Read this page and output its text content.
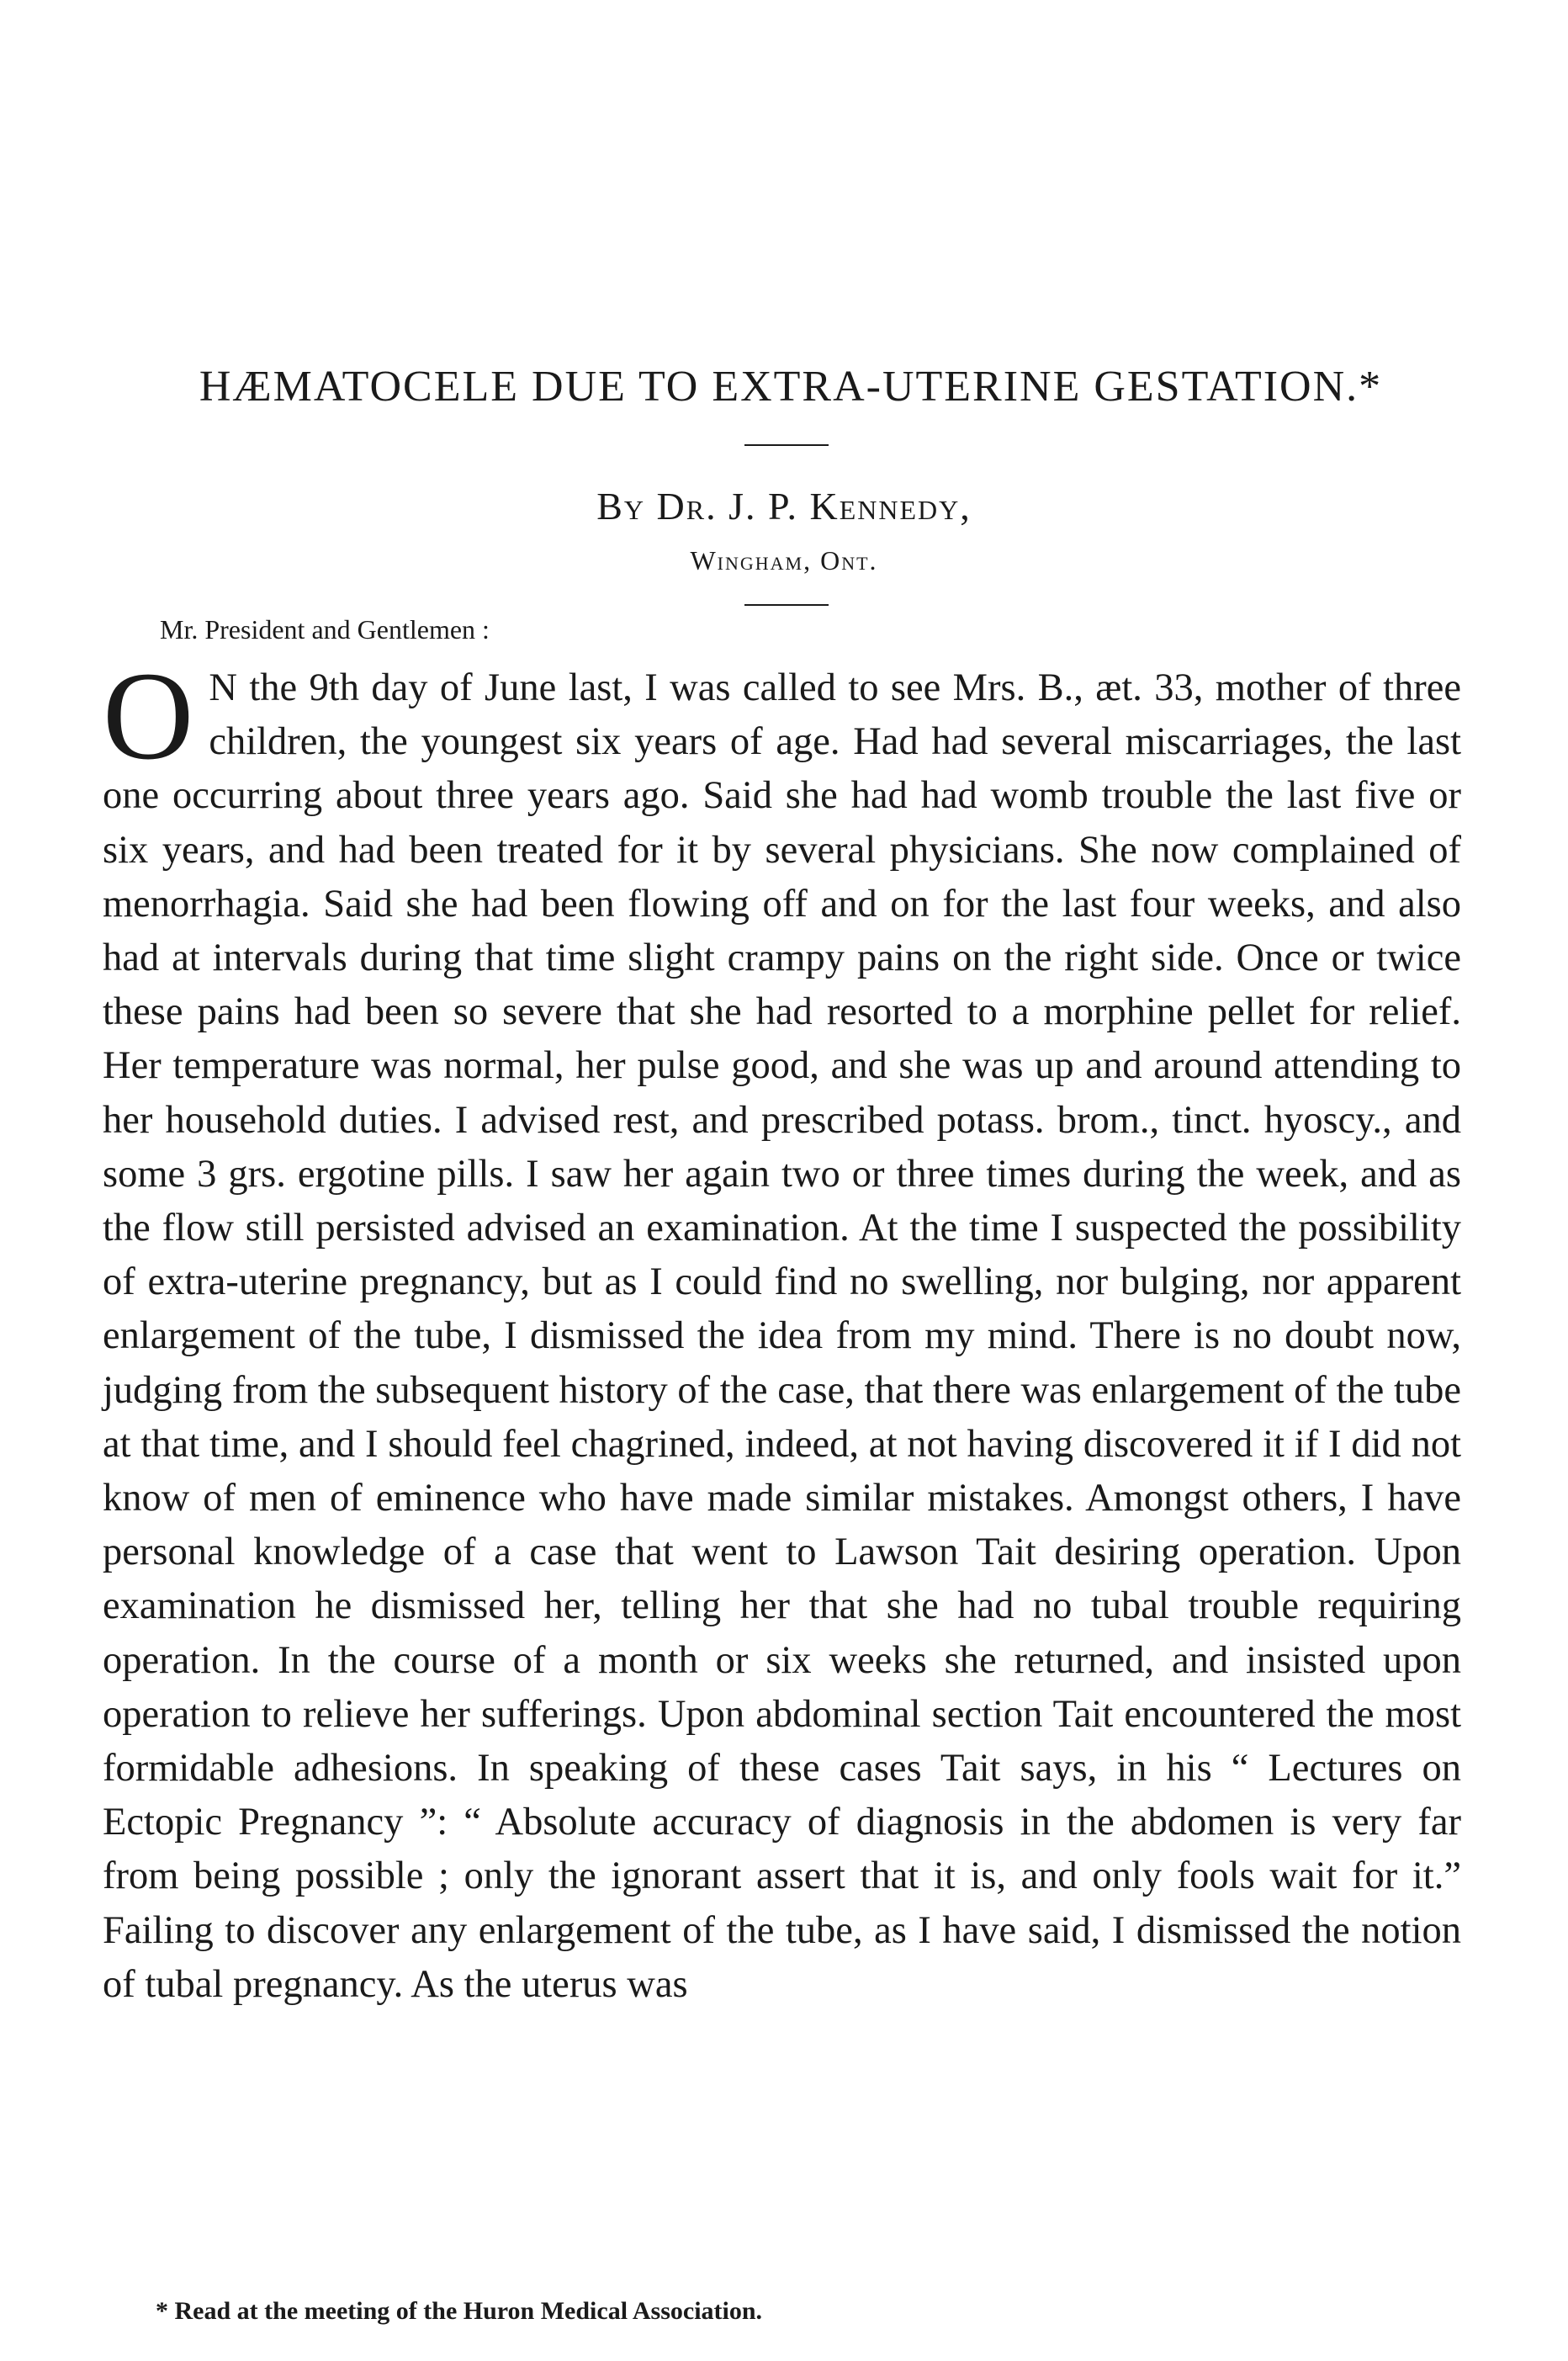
HÆMATOCELE DUE TO EXTRA-UTERINE GESTATION.*
By Dr. J. P. Kennedy,
Wingham, Ont.
Mr. President and Gentlemen :
O N the 9th day of June last, I was called to see Mrs. B., æt. 33, mother of three children, the youngest six years of age. Had had several miscarriages, the last one occurring about three years ago. Said she had had womb trouble the last five or six years, and had been treated for it by several physicians. She now complained of menorrhagia. Said she had been flowing off and on for the last four weeks, and also had at intervals during that time slight crampy pains on the right side. Once or twice these pains had been so severe that she had resorted to a morphine pellet for relief. Her temperature was normal, her pulse good, and she was up and around attending to her household duties. I advised rest, and prescribed potass. brom., tinct. hyoscy., and some 3 grs. ergotine pills. I saw her again two or three times during the week, and as the flow still persisted advised an examination. At the time I suspected the possibility of extra-uterine pregnancy, but as I could find no swelling, nor bulging, nor apparent enlargement of the tube, I dismissed the idea from my mind. There is no doubt now, judging from the subsequent history of the case, that there was enlargement of the tube at that time, and I should feel chagrined, indeed, at not having discovered it if I did not know of men of eminence who have made similar mistakes. Amongst others, I have personal knowledge of a case that went to Lawson Tait desiring operation. Upon examination he dismissed her, telling her that she had no tubal trouble requiring operation. In the course of a month or six weeks she returned, and insisted upon operation to relieve her sufferings. Upon abdominal section Tait encountered the most formidable adhesions. In speaking of these cases Tait says, in his “ Lectures on Ectopic Pregnancy ”: “ Absolute accuracy of diagnosis in the abdomen is very far from being possible ; only the ignorant assert that it is, and only fools wait for it.” Failing to discover any enlargement of the tube, as I have said, I dismissed the notion of tubal pregnancy. As the uterus was
* Read at the meeting of the Huron Medical Association.
